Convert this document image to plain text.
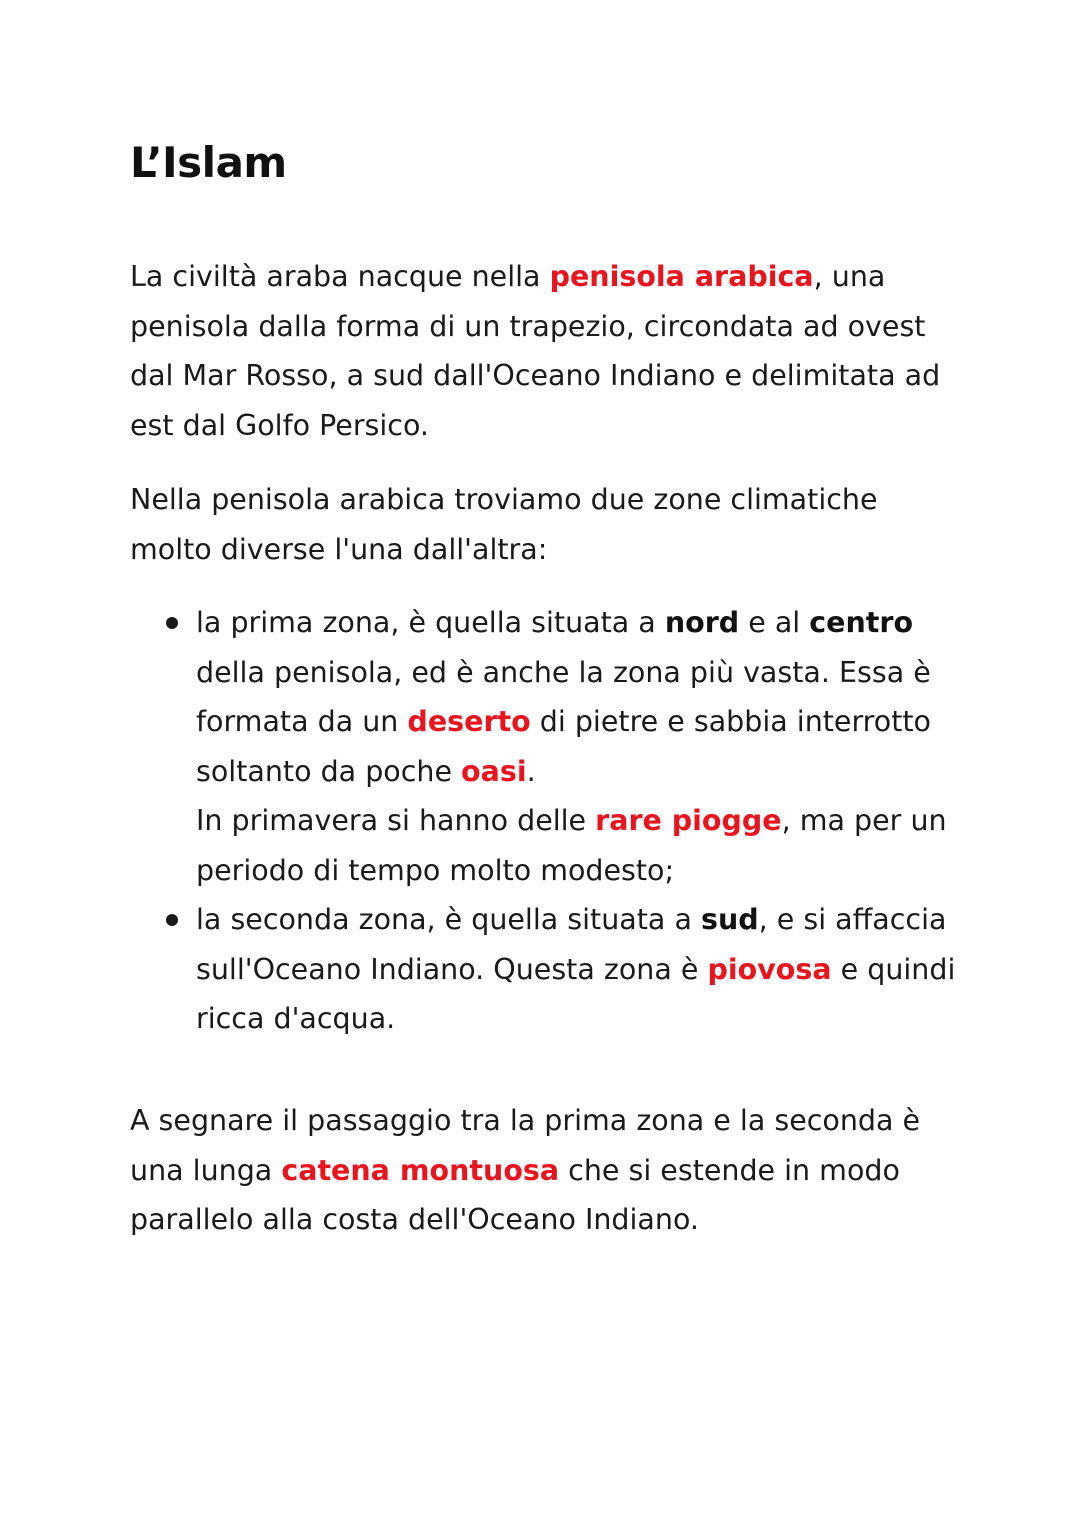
L’Islam

La civiltà araba nacque nella penisola arabica, una penisola dalla forma di un trapezio, circondata ad ovest dal Mar Rosso, a sud dall'Oceano Indiano e delimitata ad est dal Golfo Persico.

Nella penisola arabica troviamo due zone climatiche molto diverse l'una dall'altra:

la prima zona, è quella situata a nord e al centro della penisola, ed è anche la zona più vasta. Essa è formata da un deserto di pietre e sabbia interrotto soltanto da poche oasi.
In primavera si hanno delle rare piogge, ma per un periodo di tempo molto modesto;
la seconda zona, è quella situata a sud, e si affaccia sull'Oceano Indiano. Questa zona è piovosa e quindi ricca d'acqua.

A segnare il passaggio tra la prima zona e la seconda è una lunga catena montuosa che si estende in modo parallelo alla costa dell'Oceano Indiano.
